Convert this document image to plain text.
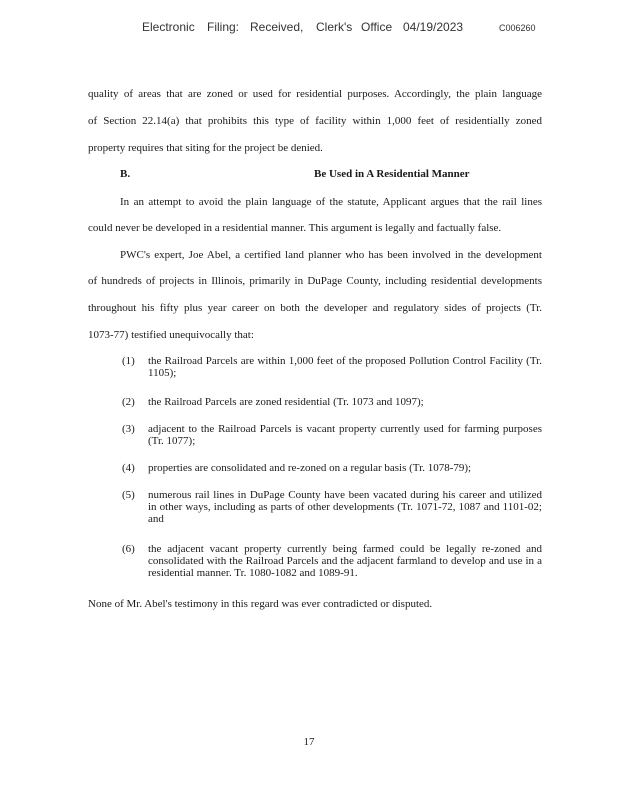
Electronic Filing: Received, Clerk's Office 04/19/2023	C006260
quality of areas that are zoned or used for residential purposes. Accordingly, the plain language
of Section 22.14(a) that prohibits this type of facility within 1,000 feet of residentially zoned
property requires that siting for the project be denied.
B.	Be Used in A Residential Manner
In an attempt to avoid the plain language of the statute, Applicant argues that the rail lines
could never be developed in a residential manner. This argument is legally and factually false.
PWC's expert, Joe Abel, a certified land planner who has been involved in the development
of hundreds of projects in Illinois, primarily in DuPage County, including residential developments
throughout his fifty plus year career on both the developer and regulatory sides of projects (Tr.
1073-77) testified unequivocally that:
(1)	the Railroad Parcels are within 1,000 feet of the proposed Pollution Control Facility (Tr. 1105);
(2)	the Railroad Parcels are zoned residential (Tr. 1073 and 1097);
(3)	adjacent to the Railroad Parcels is vacant property currently used for farming purposes (Tr. 1077);
(4)	properties are consolidated and re-zoned on a regular basis (Tr. 1078-79);
(5)	numerous rail lines in DuPage County have been vacated during his career and utilized in other ways, including as parts of other developments (Tr. 1071-72, 1087 and 1101-02; and
(6)	the adjacent vacant property currently being farmed could be legally re-zoned and consolidated with the Railroad Parcels and the adjacent farmland to develop and use in a residential manner. Tr. 1080-1082 and 1089-91.
None of Mr. Abel's testimony in this regard was ever contradicted or disputed.
17
